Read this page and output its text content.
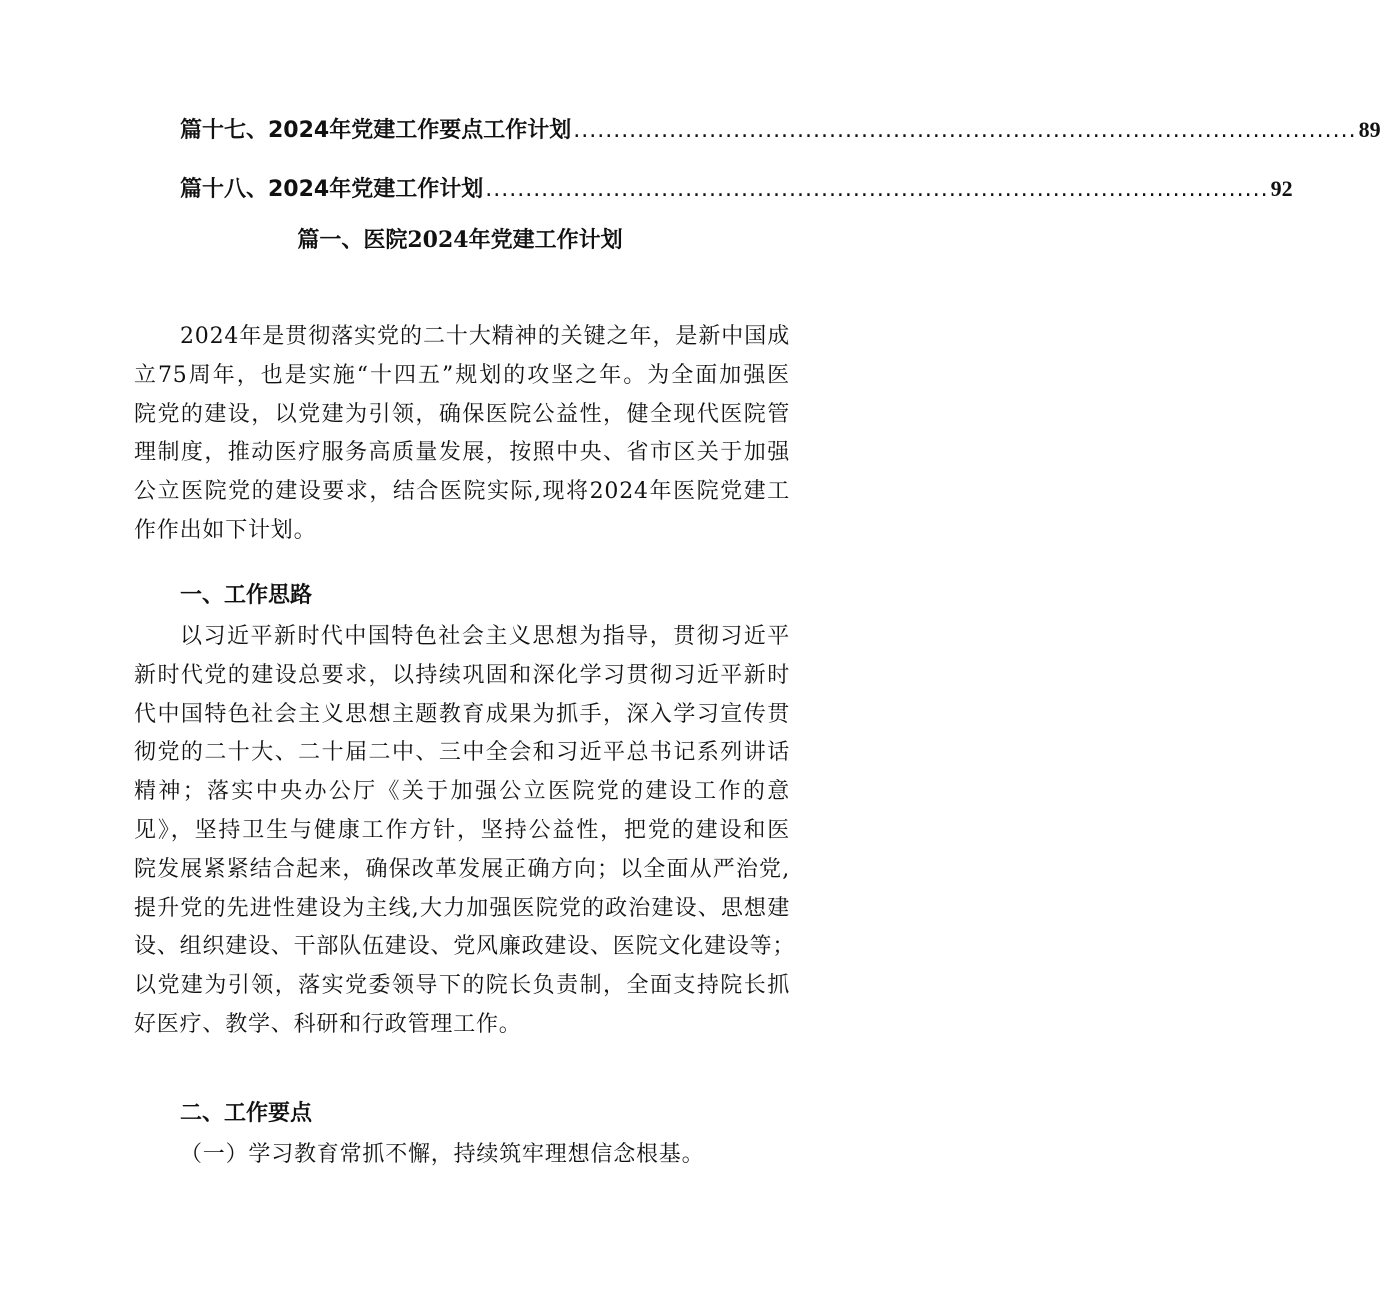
篇十七、2024年党建工作要点工作计划 .................................................................................................. 89
篇十八、2024年党建工作计划 .................................................................................................. 92
篇一、医院2024年党建工作计划
2024年是贯彻落实党的二十大精神的关键之年，是新中国成
立75周年，也是实施“十四五”规划的攻坚之年。为全面加强医
院党的建设，以党建为引领，确保医院公益性，健全现代医院管
理制度，推动医疗服务高质量发展，按照中央、省市区关于加强
公立医院党的建设要求，结合医院实际,现将2024年医院党建工
作作出如下计划。
一、工作思路
以习近平新时代中国特色社会主义思想为指导，贯彻习近平
新时代党的建设总要求，以持续巩固和深化学习贯彻习近平新时
代中国特色社会主义思想主题教育成果为抓手，深入学习宣传贯
彻党的二十大、二十届二中、三中全会和习近平总书记系列讲话
精神；落实中央办公厅《关于加强公立医院党的建设工作的意
见》，坚持卫生与健康工作方针，坚持公益性，把党的建设和医
院发展紧紧结合起来，确保改革发展正确方向；以全面从严治党,
提升党的先进性建设为主线,大力加强医院党的政治建设、思想建
设、组织建设、干部队伍建设、党风廉政建设、医院文化建设等；
以党建为引领，落实党委领导下的院长负责制，全面支持院长抓
好医疗、教学、科研和行政管理工作。
二、工作要点
（一）学习教育常抓不懈，持续筑牢理想信念根基。
